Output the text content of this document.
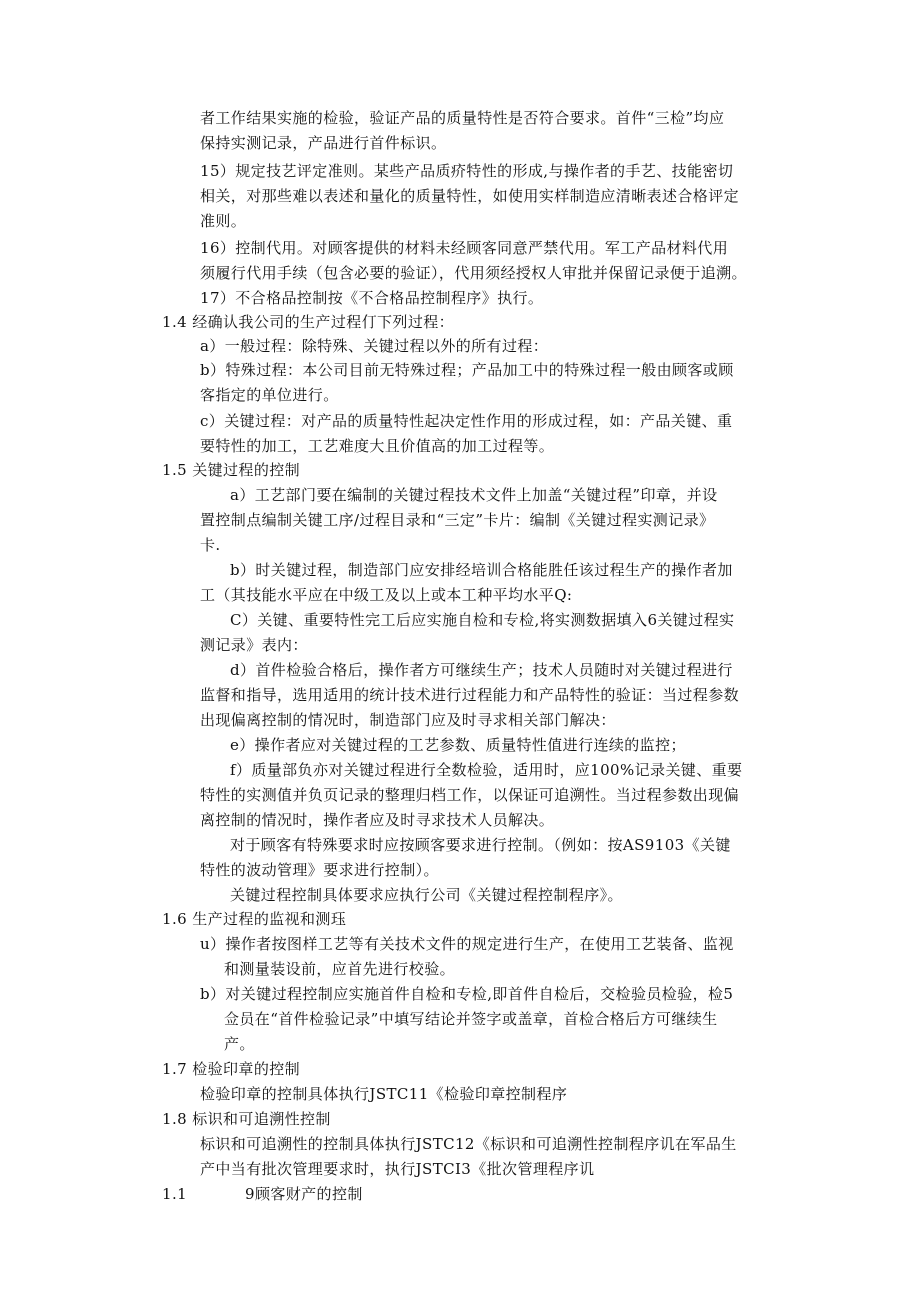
者工作结果实施的检验，验证产品的质量特性是否符合要求。首件“三检”均应
保持实测记录，产品进行首件标识。
15）规定技艺评定准则。某些产品质疥特性的形成,与操作者的手艺、技能密切
相关，对那些难以表述和量化的质量特性，如使用实样制造应清晰表述合格评定
准则。
16）控制代用。对顾客提供的材料未经顾客同意严禁代用。军工产品材料代用
须履行代用手续（包含必要的验证），代用须经授权人审批并保留记录便于追溯。
17）不合格品控制按《不合格品控制程序》执行。
1.4 经确认我公司的生产过程仃下列过程：
a）一般过程：除特殊、关键过程以外的所有过程：
b）特殊过程：本公司目前无特殊过程；产品加工中的特殊过程一般由顾客或顾
客指定的单位进行。
c）关键过程：对产品的质量特性起决定性作用的形成过程，如：产品关键、重
要特性的加工，工艺难度大且价值高的加工过程等。
1.5 关键过程的控制
a）工艺部门要在编制的关键过程技术文件上加盖“关键过程”印章，并设
置控制点编制关键工序/过程目录和“三定”卡片：编制《关键过程实测记录》
卡.
b）时关键过程，制造部门应安排经培训合格能胜任该过程生产的操作者加
工（其技能水平应在中级工及以上或本工种平均水平Q:
C）关键、重要特性完工后应实施自检和专检,将实测数据填入6关键过程实
测记录》表内：
d）首件检验合格后，操作者方可继续生产；技术人员随时对关键过程进行
监督和指导，选用适用的统计技术进行过程能力和产品特性的验证：当过程参数
出现偏离控制的情况时，制造部门应及时寻求相关部门解决：
e）操作者应对关键过程的工艺参数、质量特性值进行连续的监控；
f）质量部负亦对关键过程进行全数检验，适用时，应100%记录关键、重要
特性的实测值并负页记录的整理归档工作，以保证可追溯性。当过程参数出现偏
离控制的情况时，操作者应及时寻求技术人员解决。
对于顾客有特殊要求时应按顾客要求进行控制。（例如：按AS9103《关键
特性的波动管理》要求进行控制）。
关键过程控制具体要求应执行公司《关键过程控制程序》。
1.6 生产过程的监视和测珏
u）操作者按图样工艺等有关技术文件的规定进行生产，在使用工艺装备、监视
和测量装设前，应首先进行校验。
b）对关键过程控制应实施首件自检和专检,即首件自检后，交检验员检验，检5
佥员在“首件检验记录”中填写结论并签字或盖章，首检合格后方可继续生
产。
1.7 检验印章的控制
检验印章的控制具体执行JSTC11《检验印章控制程序
1.8 标识和可追溯性控制
标识和可追溯性的控制具体执行JSTC12《标识和可追溯性控制程序讥在军品生
产中当有批次管理要求时，执行JSTCI3《批次管理程序讥
1.1	9顾客财产的控制
